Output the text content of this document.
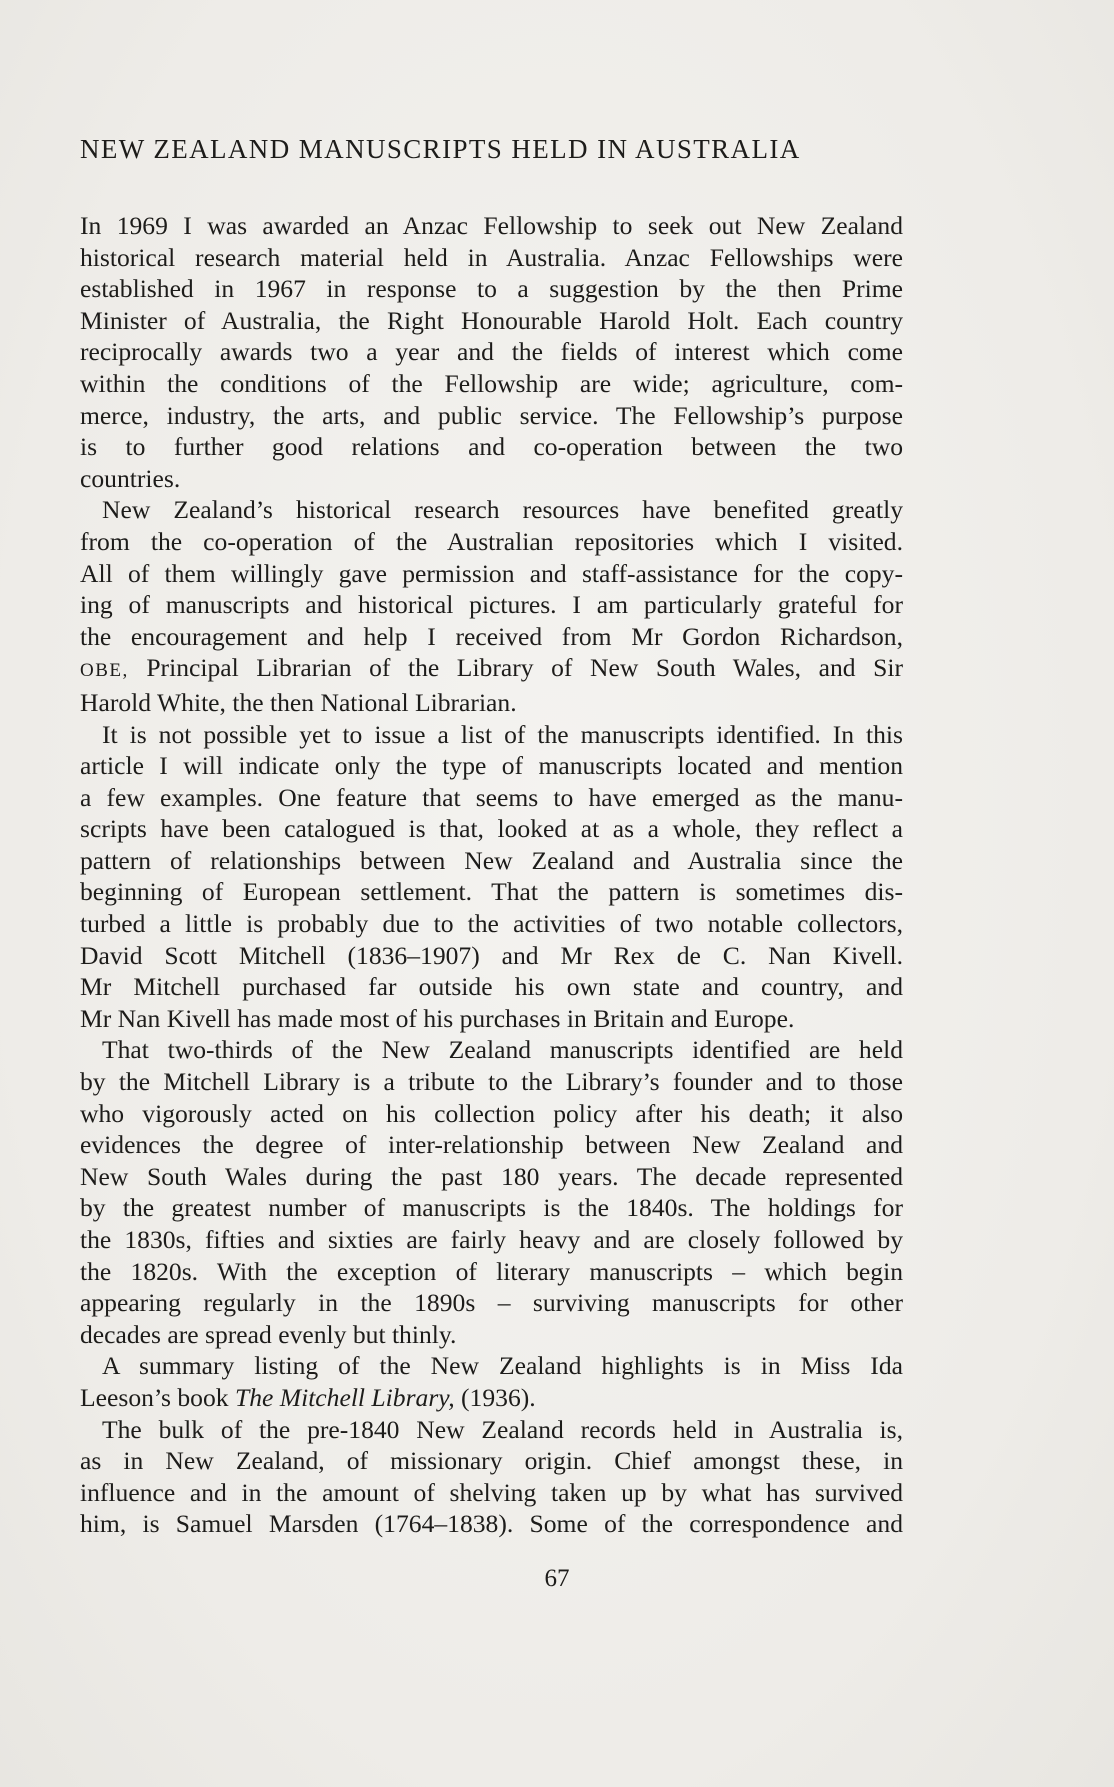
NEW ZEALAND MANUSCRIPTS HELD IN AUSTRALIA

In 1969 I was awarded an Anzac Fellowship to seek out New Zealand
historical research material held in Australia. Anzac Fellowships were
established in 1967 in response to a suggestion by the then Prime
Minister of Australia, the Right Honourable Harold Holt. Each country
reciprocally awards two a year and the fields of interest which come
within the conditions of the Fellowship are wide; agriculture, com-
merce, industry, the arts, and public service. The Fellowship’s purpose
is to further good relations and co-operation between the two
countries.

New Zealand’s historical research resources have benefited greatly
from the co-operation of the Australian repositories which I visited.
All of them willingly gave permission and staff-assistance for the copy-
ing of manuscripts and historical pictures. I am particularly grateful for
the encouragement and help I received from Mr Gordon Richardson,
OBE, Principal Librarian of the Library of New South Wales, and Sir
Harold White, the then National Librarian.

It is not possible yet to issue a list of the manuscripts identified. In this
article I will indicate only the type of manuscripts located and mention
a few examples. One feature that seems to have emerged as the manu-
scripts have been catalogued is that, looked at as a whole, they reflect a
pattern of relationships between New Zealand and Australia since the
beginning of European settlement. That the pattern is sometimes dis-
turbed a little is probably due to the activities of two notable collectors,
David Scott Mitchell (1836–1907) and Mr Rex de C. Nan Kivell.
Mr Mitchell purchased far outside his own state and country, and
Mr Nan Kivell has made most of his purchases in Britain and Europe.

That two-thirds of the New Zealand manuscripts identified are held
by the Mitchell Library is a tribute to the Library’s founder and to those
who vigorously acted on his collection policy after his death; it also
evidences the degree of inter-relationship between New Zealand and
New South Wales during the past 180 years. The decade represented
by the greatest number of manuscripts is the 1840s. The holdings for
the 1830s, fifties and sixties are fairly heavy and are closely followed by
the 1820s. With the exception of literary manuscripts – which begin
appearing regularly in the 1890s – surviving manuscripts for other
decades are spread evenly but thinly.

A summary listing of the New Zealand highlights is in Miss Ida
Leeson’s book The Mitchell Library, (1936).

The bulk of the pre-1840 New Zealand records held in Australia is,
as in New Zealand, of missionary origin. Chief amongst these, in
influence and in the amount of shelving taken up by what has survived
him, is Samuel Marsden (1764–1838). Some of the correspondence and

67
